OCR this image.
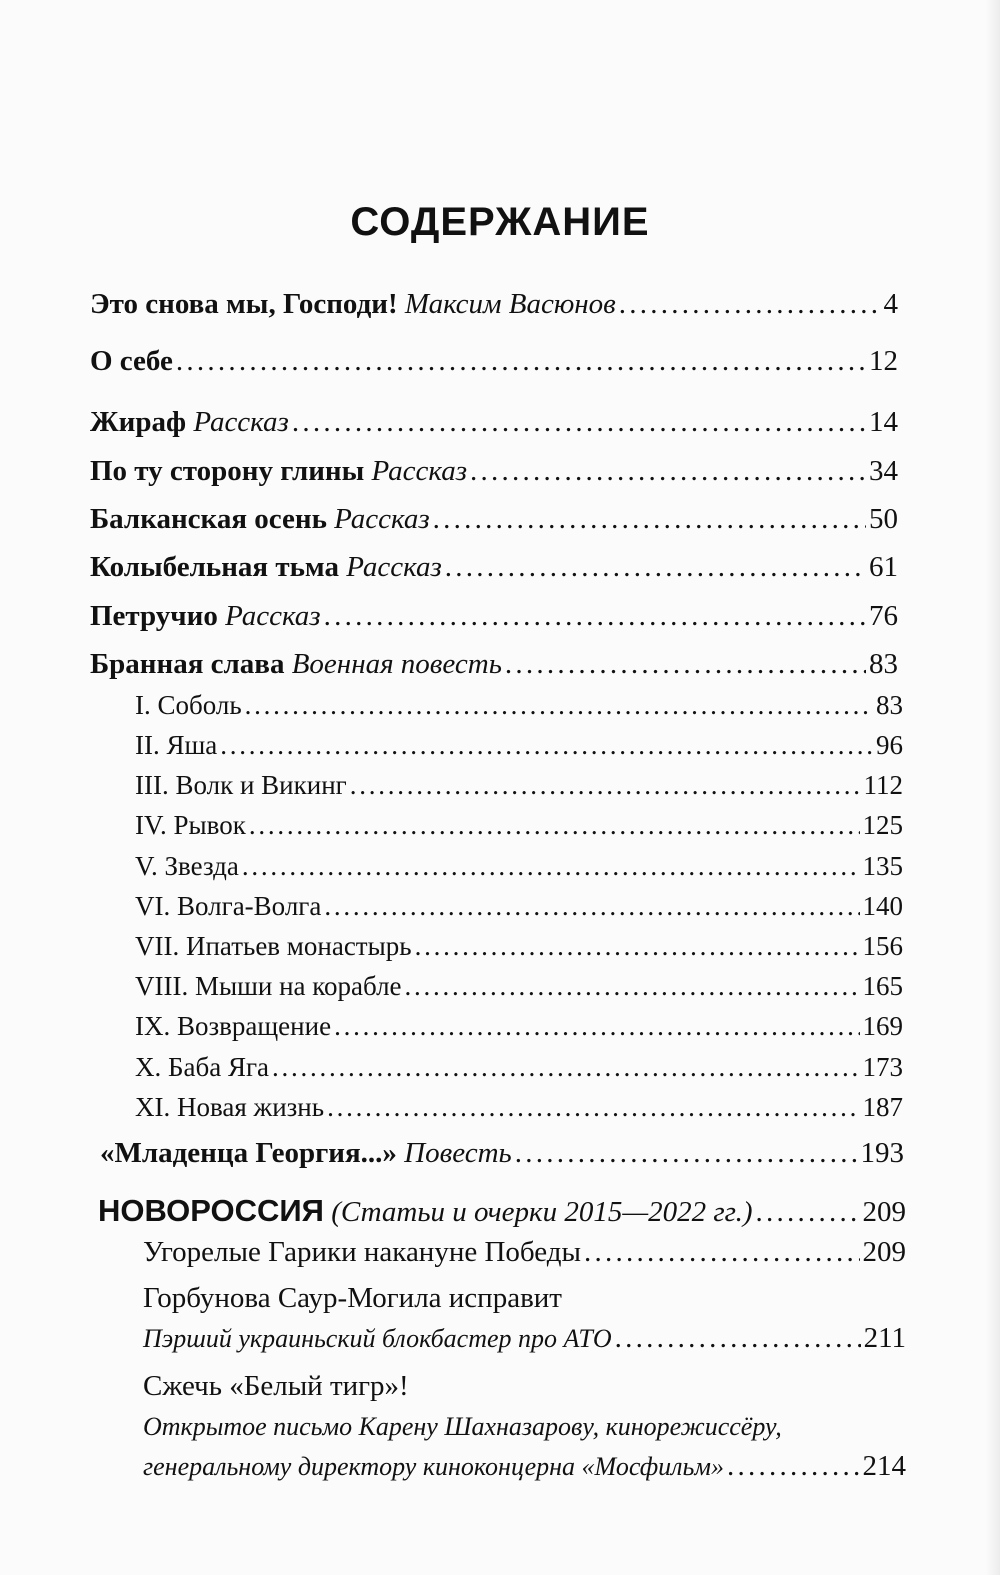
СОДЕРЖАНИЕ
Это снова мы, Господи!
Максим Васюнов . . .	4
О себе . . .	12
Жираф
Рассказ . . .	14
По ту сторону глины
Рассказ . . .	34
Балканская осень
Рассказ . . .	50
Колыбельная тьма
Рассказ . . .	61
Петручио
Рассказ . . .	76
Бранная слава
Военная повесть . . .	83
I. Соболь . . .	83
II. Яша . . .	96
III. Волк и Викинг . . .	112
IV. Рывок . . .	125
V. Звезда . . .	135
VI. Волга-Волга . . .	140
VII. Ипатьев монастырь . . .	156
VIII. Мыши на корабле . . .	165
IX. Возвращение . . .	169
X. Баба Яга . . .	173
XI. Новая жизнь . . .	187
«Младенца Георгия...»
Повесть . . .	193
НОВОРОССИЯ
(Статьи и очерки 2015—2022 гг.) . . .	209
Угорелые Гарики накануне Победы . . .	209
Горбунова Саур-Могила исправит
Пэрший украиньский блокбастер про АТО . . .	211
Сжечь «Белый тигр»!
Открытое письмо Карену Шахназарову, кинорежиссёру,
генеральному директору киноконцерна «Мосфильм» . . .	214
